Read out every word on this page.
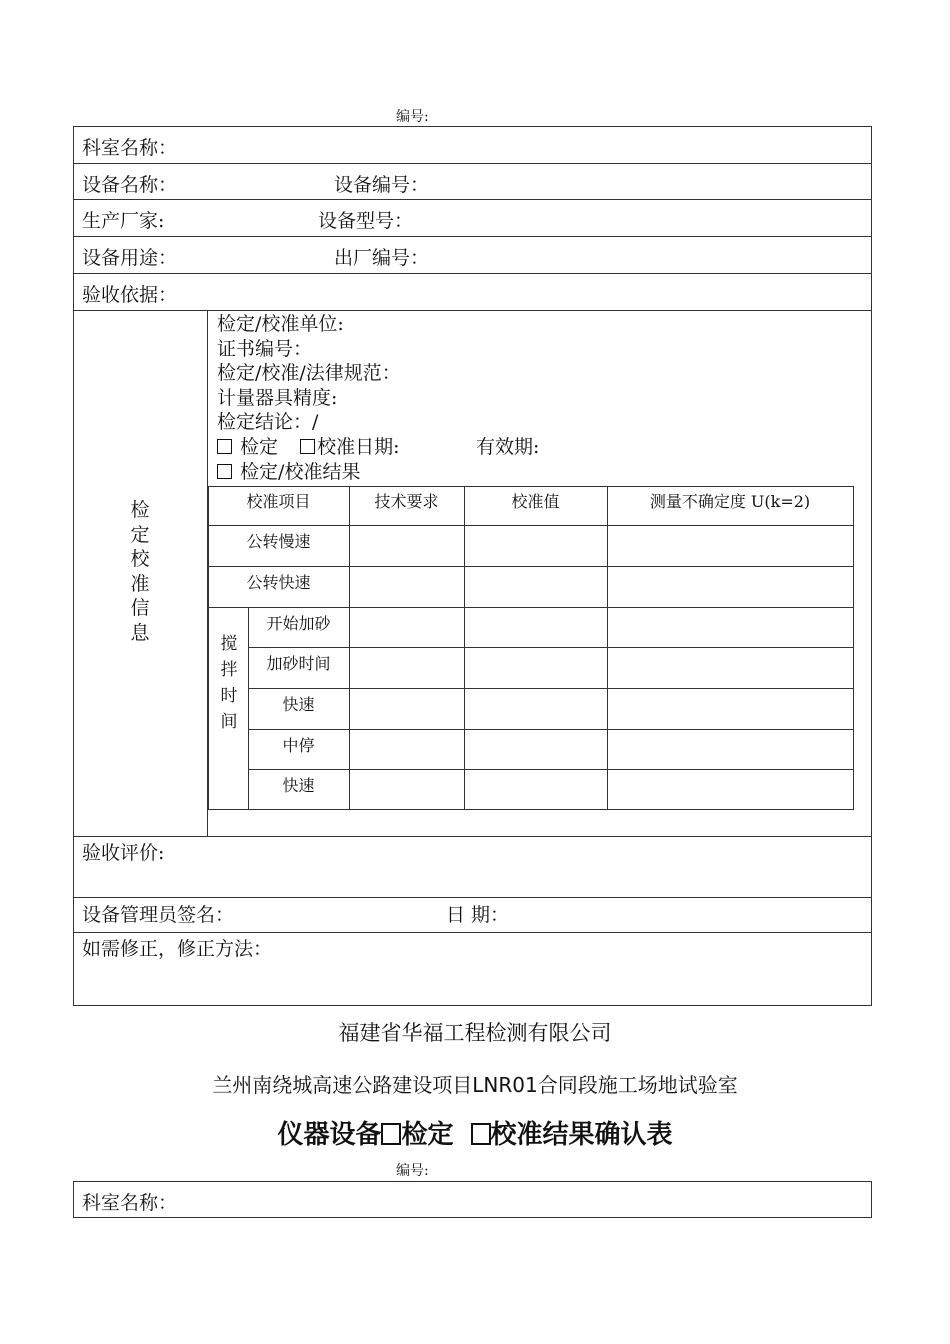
编号:
科室名称：
设备名称：	设备编号：
生产厂家:	设备型号：
设备用途：	出厂编号：
验收依据：
检定校准信息
检定/校准单位:
证书编号：
检定/校准/法律规范：
计量器具精度:
检定结论：/
检定 校准日期:	有效期:
检定/校准结果
校准项目	技术要求	校准值	测量不确定度 U(k=2)
公转慢速
公转快速
搅拌时间
开始加砂
加砂时间
快速
中停
快速
验收评价:
设备管理员签名：	日 期：
如需修正，修正方法：
福建省华福工程检测有限公司
兰州南绕城高速公路建设项目LNR01合同段施工场地试验室
仪器设备 检定 校准结果确认表
编号:
科室名称：
